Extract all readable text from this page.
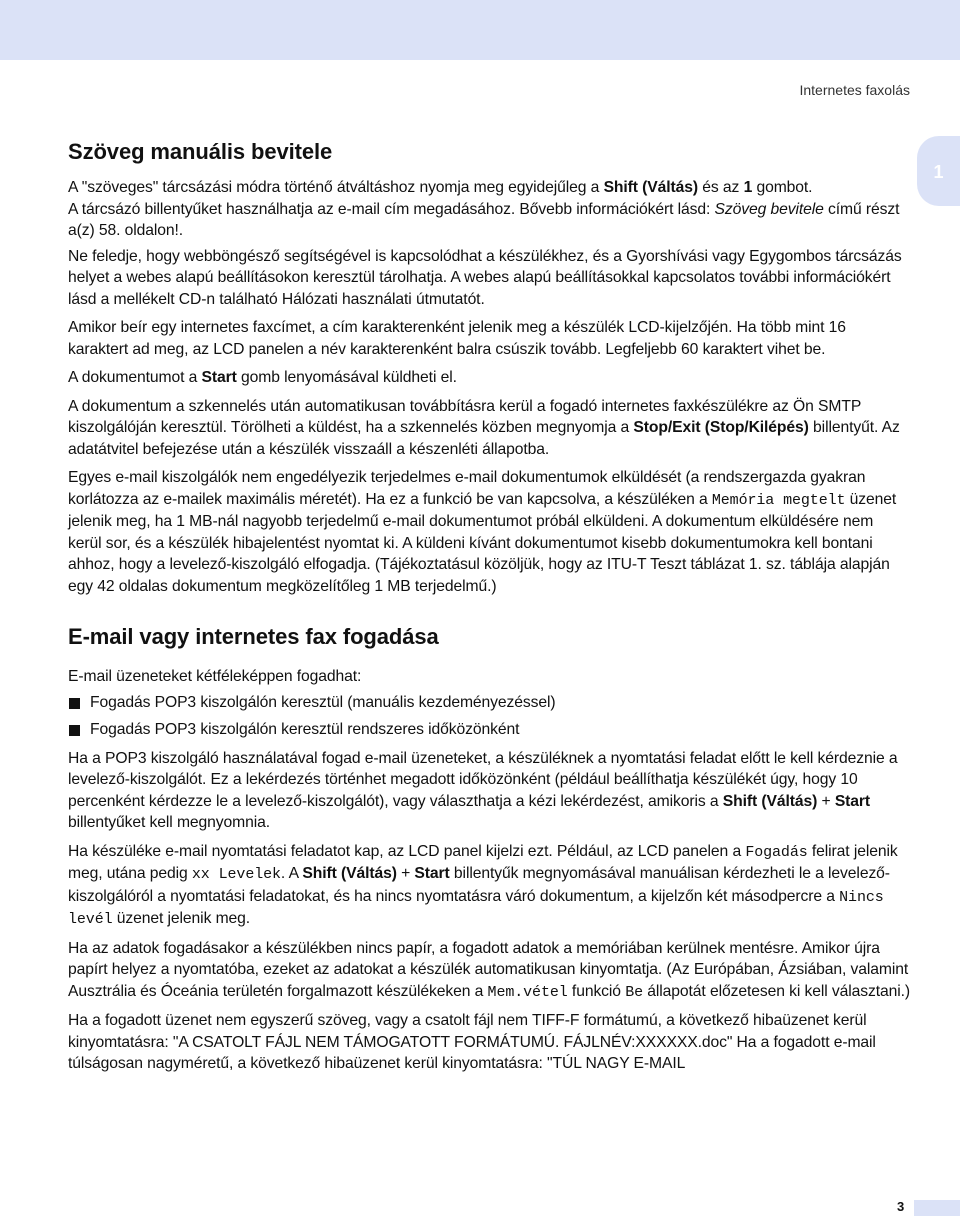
Internetes faxolás
1
Szöveg manuális bevitele

A "szöveges" tárcsázási módra történő átváltáshoz nyomja meg egyidejűleg a Shift (Váltás) és az 1 gombot.
A tárcsázó billentyűket használhatja az e-mail cím megadásához. Bővebb információkért lásd: Szöveg bevitele című részt a(z) 58. oldalon!.

Ne feledje, hogy webböngésző segítségével is kapcsolódhat a készülékhez, és a Gyorshívási vagy Egygombos tárcsázás helyet a webes alapú beállításokon keresztül tárolhatja. A webes alapú beállításokkal kapcsolatos további információkért lásd a mellékelt CD-n található Hálózati használati útmutatót.

Amikor beír egy internetes faxcímet, a cím karakterenként jelenik meg a készülék LCD-kijelzőjén. Ha több mint 16 karaktert ad meg, az LCD panelen a név karakterenként balra csúszik tovább. Legfeljebb 60 karaktert vihet be.

A dokumentumot a Start gomb lenyomásával küldheti el.

A dokumentum a szkennelés után automatikusan továbbításra kerül a fogadó internetes faxkészülékre az Ön SMTP kiszolgálóján keresztül. Törölheti a küldést, ha a szkennelés közben megnyomja a Stop/Exit (Stop/Kilépés) billentyűt. Az adatátvitel befejezése után a készülék visszaáll a készenléti állapotba.

Egyes e-mail kiszolgálók nem engedélyezik terjedelmes e-mail dokumentumok elküldését (a rendszergazda gyakran korlátozza az e-mailek maximális méretét). Ha ez a funkció be van kapcsolva, a készüléken a Memória megtelt üzenet jelenik meg, ha 1 MB-nál nagyobb terjedelmű e-mail dokumentumot próbál elküldeni. A dokumentum elküldésére nem kerül sor, és a készülék hibajelentést nyomtat ki. A küldeni kívánt dokumentumot kisebb dokumentumokra kell bontani ahhoz, hogy a levelező-kiszolgáló elfogadja. (Tájékoztatásul közöljük, hogy az ITU-T Teszt táblázat 1. sz. táblája alapján egy 42 oldalas dokumentum megközelítőleg 1 MB terjedelmű.)

E-mail vagy internetes fax fogadása

E-mail üzeneteket kétféleképpen fogadhat:

Fogadás POP3 kiszolgálón keresztül (manuális kezdeményezéssel)
Fogadás POP3 kiszolgálón keresztül rendszeres időközönként

Ha a POP3 kiszolgáló használatával fogad e-mail üzeneteket, a készüléknek a nyomtatási feladat előtt le kell kérdeznie a levelező-kiszolgálót. Ez a lekérdezés történhet megadott időközönként (például beállíthatja készülékét úgy, hogy 10 percenként kérdezze le a levelező-kiszolgálót), vagy választhatja a kézi lekérdezést, amikoris a Shift (Váltás) + Start billentyűket kell megnyomnia.

Ha készüléke e-mail nyomtatási feladatot kap, az LCD panel kijelzi ezt. Például, az LCD panelen a Fogadás felirat jelenik meg, utána pedig xx Levelek. A Shift (Váltás) + Start billentyűk megnyomásával manuálisan kérdezheti le a levelező-kiszolgálóról a nyomtatási feladatokat, és ha nincs nyomtatásra váró dokumentum, a kijelzőn két másodpercre a Nincs levél üzenet jelenik meg.

Ha az adatok fogadásakor a készülékben nincs papír, a fogadott adatok a memóriában kerülnek mentésre. Amikor újra papírt helyez a nyomtatóba, ezeket az adatokat a készülék automatikusan kinyomtatja. (Az Európában, Ázsiában, valamint Ausztrália és Óceánia területén forgalmazott készülékeken a Mem.vétel funkció Be állapotát előzetesen ki kell választani.)

Ha a fogadott üzenet nem egyszerű szöveg, vagy a csatolt fájl nem TIFF-F formátumú, a következő hibaüzenet kerül kinyomtatásra: "A CSATOLT FÁJL NEM TÁMOGATOTT FORMÁTUMÚ. FÁJLNÉV:XXXXXX.doc" Ha a fogadott e-mail túlságosan nagyméretű, a következő hibaüzenet kerül kinyomtatásra: "TÚL NAGY E-MAIL

3
